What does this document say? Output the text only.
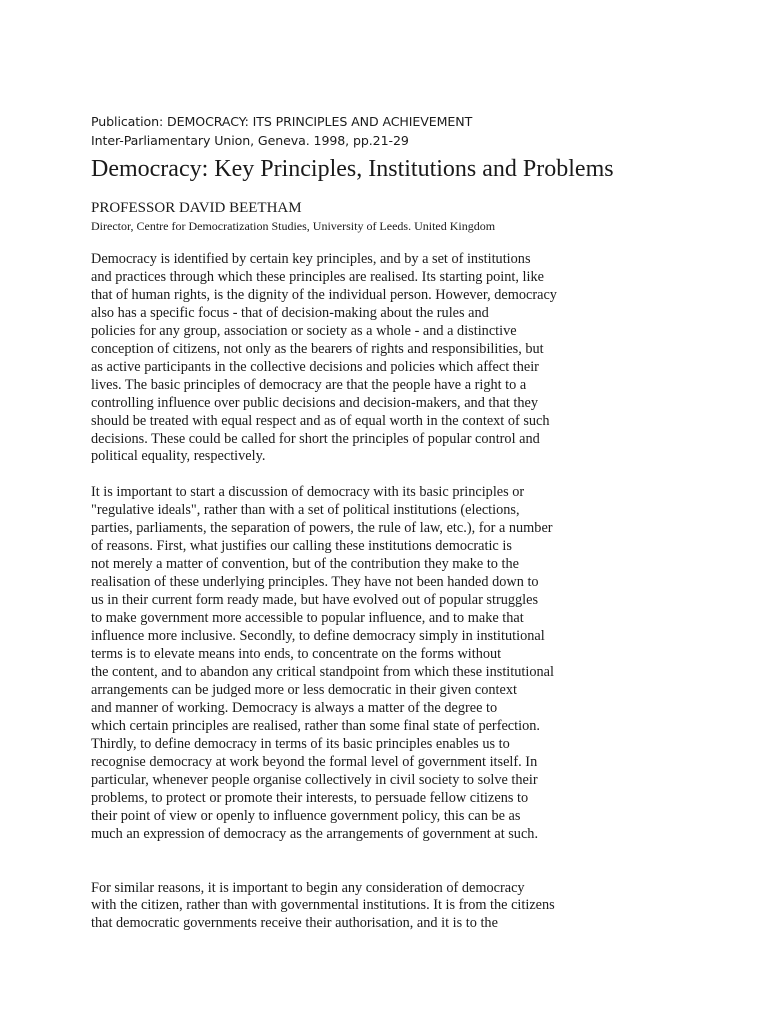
Publication: DEMOCRACY: ITS PRINCIPLES AND ACHIEVEMENT

Inter-Parliamentary Union, Geneva. 1998, pp.21-29

Democracy: Key Principles, Institutions and Problems

PROFESSOR DAVID BEETHAM

Director, Centre for Democratization Studies, University of Leeds. United Kingdom

Democracy is identified by certain key principles, and by a set of institutions
and practices through which these principles are realised. Its starting point, like
that of human rights, is the dignity of the individual person. However, democracy
also has a specific focus - that of decision-making about the rules and
policies for any group, association or society as a whole - and a distinctive
conception of citizens, not only as the bearers of rights and responsibilities, but
as active participants in the collective decisions and policies which affect their
lives. The basic principles of democracy are that the people have a right to a
controlling influence over public decisions and decision-makers, and that they
should be treated with equal respect and as of equal worth in the context of such
decisions. These could be called for short the principles of popular control and
political equality, respectively.
It is important to start a discussion of democracy with its basic principles or
"regulative ideals", rather than with a set of political institutions (elections,
parties, parliaments, the separation of powers, the rule of law, etc.), for a number
of reasons. First, what justifies our calling these institutions democratic is
not merely a matter of convention, but of the contribution they make to the
realisation of these underlying principles. They have not been handed down to
us in their current form ready made, but have evolved out of popular struggles
to make government more accessible to popular influence, and to make that
influence more inclusive. Secondly, to define democracy simply in institutional
terms is to elevate means into ends, to concentrate on the forms without
the content, and to abandon any critical standpoint from which these institutional
arrangements can be judged more or less democratic in their given context
and manner of working. Democracy is always a matter of the degree to
which certain principles are realised, rather than some final state of perfection.
Thirdly, to define democracy in terms of its basic principles enables us to
recognise democracy at work beyond the formal level of government itself. In
particular, whenever people organise collectively in civil society to solve their
problems, to protect or promote their interests, to persuade fellow citizens to
their point of view or openly to influence government policy, this can be as
much an expression of democracy as the arrangements of government at such.
For similar reasons, it is important to begin any consideration of democracy
with the citizen, rather than with governmental institutions. It is from the citizens
that democratic governments receive their authorisation, and it is to the
